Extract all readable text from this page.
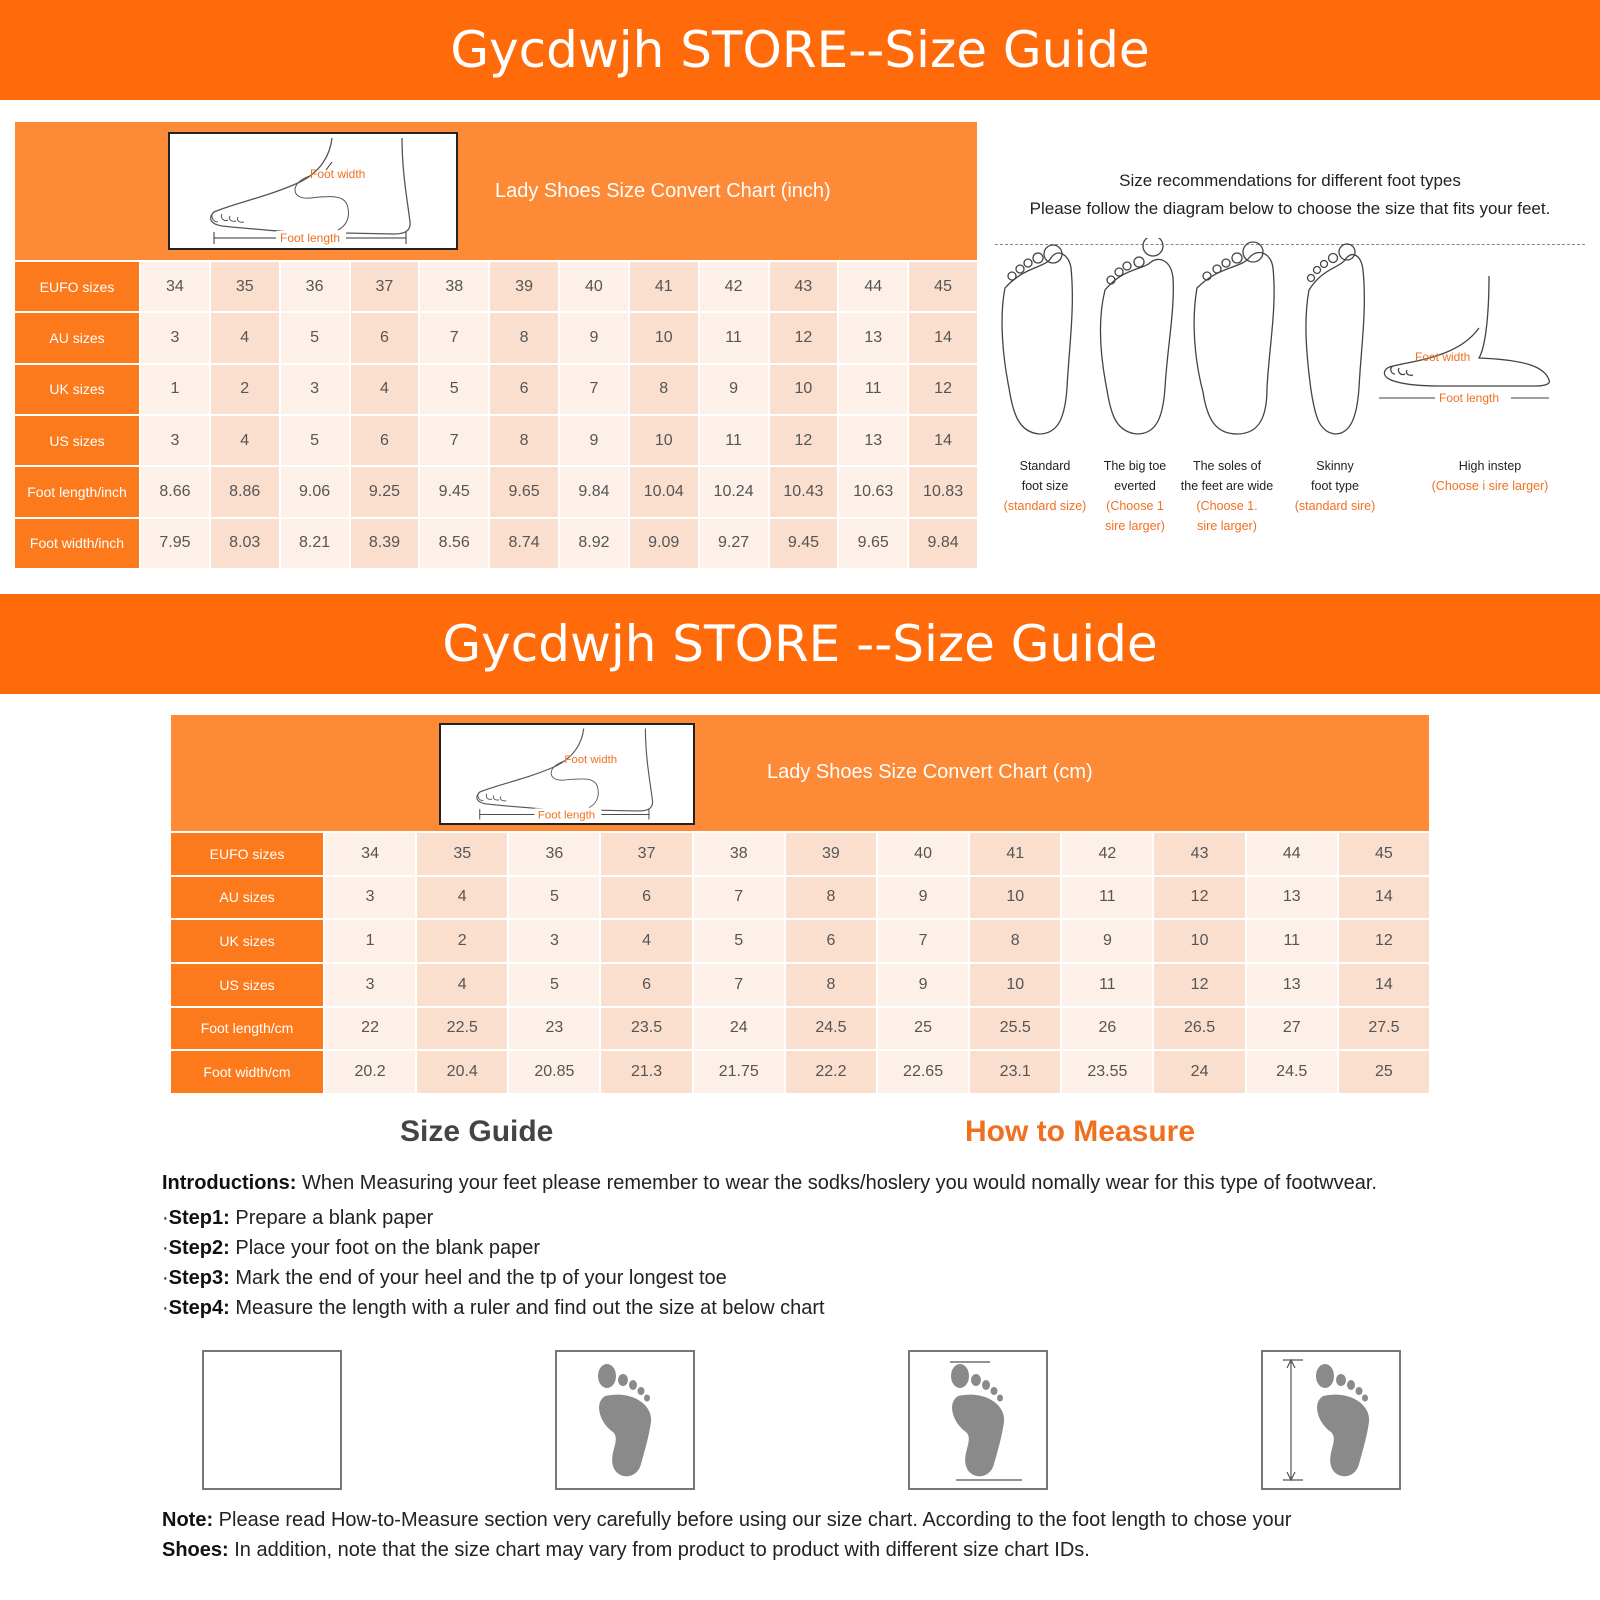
Gycdwjh STORE--Size Guide
Foot width
Foot length
Lady Shoes Size Convert Chart (inch)
EUFO sizes	34	35	36	37	38	39	40	41	42	43	44	45
AU sizes	3	4	5	6	7	8	9	10	11	12	13	14
UK sizes	1	2	3	4	5	6	7	8	9	10	11	12
US sizes	3	4	5	6	7	8	9	10	11	12	13	14
Foot length/inch	8.66	8.86	9.06	9.25	9.45	9.65	9.84	10.04	10.24	10.43	10.63	10.83
Foot width/inch	7.95	8.03	8.21	8.39	8.56	8.74	8.92	9.09	9.27	9.45	9.65	9.84
Size recommendations for different foot types
Please follow the diagram below to choose the size that fits your feet.
Foot width
Foot length
Standard
foot size
(standard size)
The big toe
everted
(Choose 1
sire larger)
The soles of
the feet are wide
(Choose 1.
sire larger)
Skinny
foot type
(standard sire)
High instep
(Choose i sire larger)
Gycdwjh STORE --Size Guide
Foot width
Foot length
Lady Shoes Size Convert Chart (cm)
EUFO sizes	34	35	36	37	38	39	40	41	42	43	44	45
AU sizes	3	4	5	6	7	8	9	10	11	12	13	14
UK sizes	1	2	3	4	5	6	7	8	9	10	11	12
US sizes	3	4	5	6	7	8	9	10	11	12	13	14
Foot length/cm	22	22.5	23	23.5	24	24.5	25	25.5	26	26.5	27	27.5
Foot width/cm	20.2	20.4	20.85	21.3	21.75	22.2	22.65	23.1	23.55	24	24.5	25
Size Guide	How to Measure
Introductions: When Measuring your feet please remember to wear the sodks/hoslery you would nomally wear for this type of footwvear.
·Step1: Prepare a blank paper
·Step2: Place your foot on the blank paper
·Step3: Mark the end of your heel and the tp of your longest toe
·Step4: Measure the length with a ruler and find out the size at below chart
Note: Please read How-to-Measure section very carefully before using our size chart. According to the foot length to chose your
Shoes: In addition, note that the size chart may vary from product to product with different size chart IDs.
